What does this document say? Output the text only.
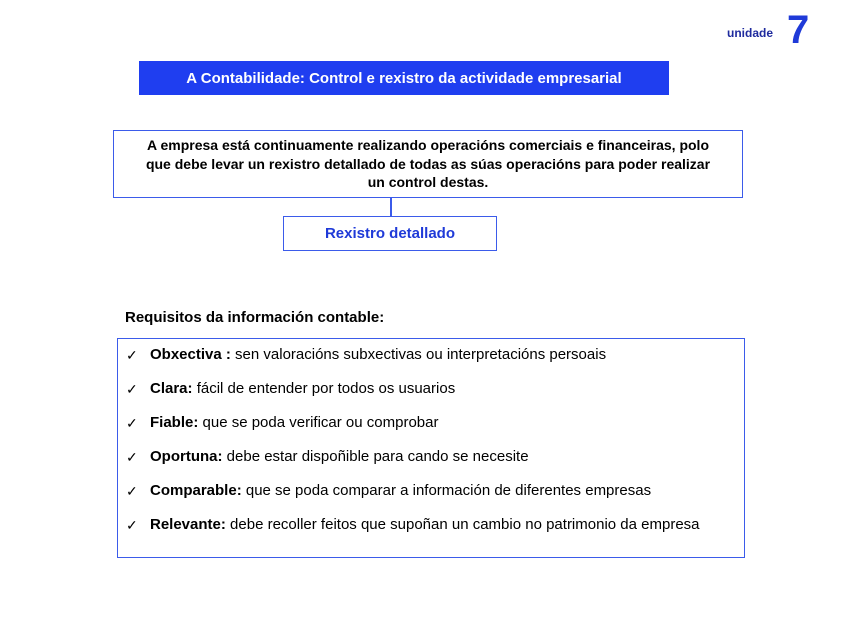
unidade 7
A Contabilidade: Control e rexistro da actividade empresarial
A empresa está continuamente realizando operacións comerciais e financeiras, polo que debe levar un rexistro detallado de todas as súas operacións para poder realizar un control destas.
Rexistro detallado
Requisitos da información contable:
✓ Obxectiva : sen valoracións subxectivas ou interpretacións persoais
✓ Clara: fácil de entender por todos os usuarios
✓ Fiable: que se poda verificar ou comprobar
✓ Oportuna: debe estar dispoñible para cando se necesite
✓ Comparable: que se poda comparar a información de diferentes empresas
✓ Relevante: debe recoller feitos que supoñan un cambio no patrimonio da empresa
